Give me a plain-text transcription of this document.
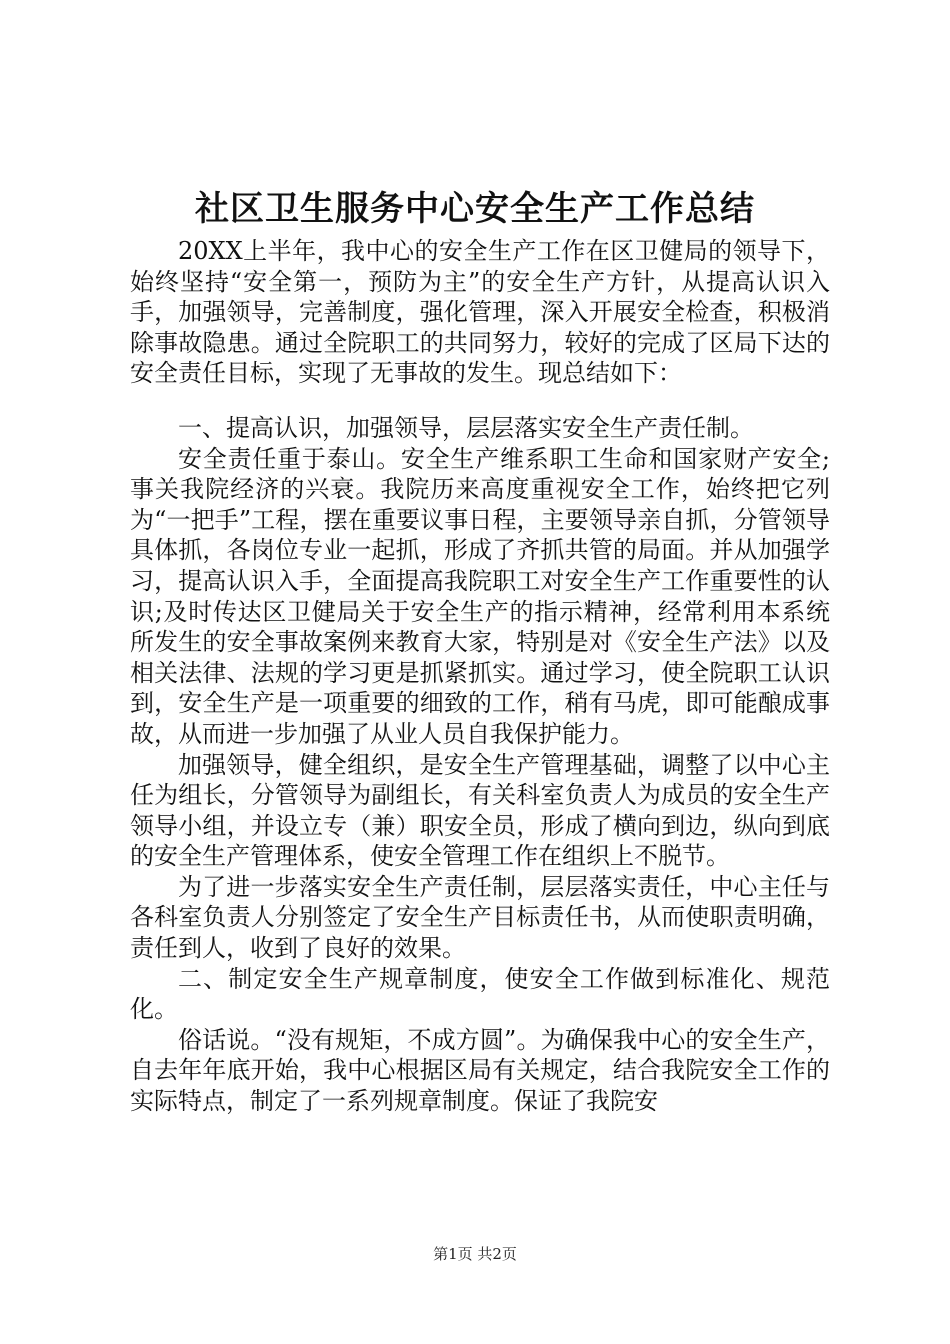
社区卫生服务中心安全生产工作总结

20XX上半年，我中心的安全生产工作在区卫健局的领导下，始终坚持“安全第一，预防为主”的安全生产方针，从提高认识入手，加强领导，完善制度，强化管理，深入开展安全检查，积极消除事故隐患。通过全院职工的共同努力，较好的完成了区局下达的安全责任目标，实现了无事故的发生。现总结如下：

一、提高认识，加强领导，层层落实安全生产责任制。

安全责任重于泰山。安全生产维系职工生命和国家财产安全;事关我院经济的兴衰。我院历来高度重视安全工作，始终把它列为“一把手”工程，摆在重要议事日程，主要领导亲自抓，分管领导具体抓，各岗位专业一起抓，形成了齐抓共管的局面。并从加强学习，提高认识入手，全面提高我院职工对安全生产工作重要性的认识;及时传达区卫健局关于安全生产的指示精神，经常利用本系统所发生的安全事故案例来教育大家，特别是对《安全生产法》以及相关法律、法规的学习更是抓紧抓实。通过学习，使全院职工认识到，安全生产是一项重要的细致的工作，稍有马虎，即可能酿成事故，从而进一步加强了从业人员自我保护能力。

加强领导，健全组织，是安全生产管理基础，调整了以中心主任为组长，分管领导为副组长，有关科室负责人为成员的安全生产领导小组，并设立专（兼）职安全员，形成了横向到边，纵向到底的安全生产管理体系，使安全管理工作在组织上不脱节。

为了进一步落实安全生产责任制，层层落实责任，中心主任与各科室负责人分别签定了安全生产目标责任书，从而使职责明确，责任到人，收到了良好的效果。

二、制定安全生产规章制度，使安全工作做到标准化、规范化。

俗话说。“没有规矩，不成方圆”。为确保我中心的安全生产，自去年年底开始，我中心根据区局有关规定，结合我院安全工作的实际特点，制定了一系列规章制度。保证了我院安

第1页 共2页
